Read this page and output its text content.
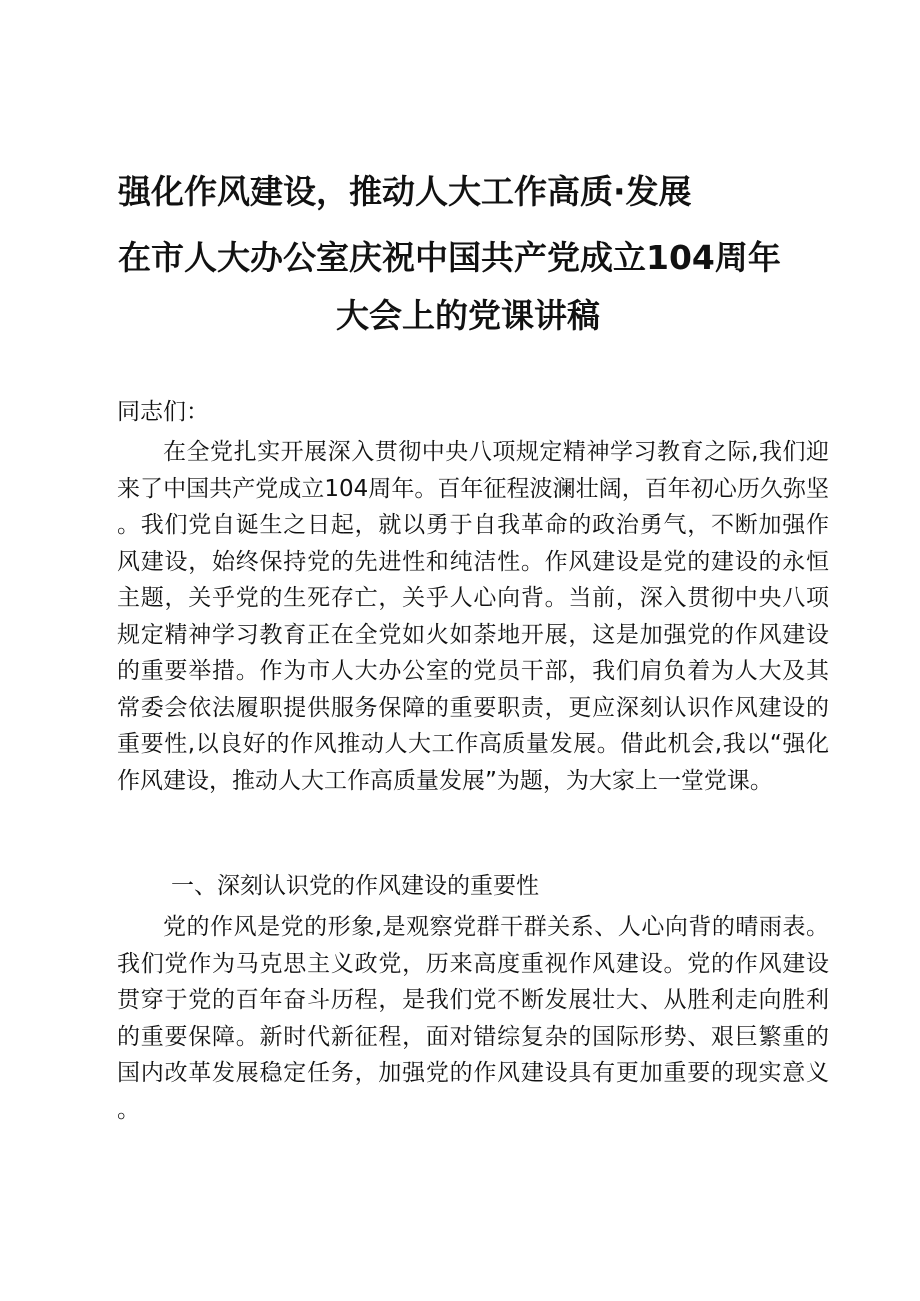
强化作风建设，推动人大工作高质·发展
在市人大办公室庆祝中国共产党成立104周年
大会上的党课讲稿
同志们：

在全党扎实开展深入贯彻中央八项规定精神学习教育之际,我们迎来了中国共产党成立104周年。百年征程波澜壮阔，百年初心历久弥坚。我们党自诞生之日起，就以勇于自我革命的政治勇气，不断加强作风建设，始终保持党的先进性和纯洁性。作风建设是党的建设的永恒主题，关乎党的生死存亡，关乎人心向背。当前，深入贯彻中央八项规定精神学习教育正在全党如火如荼地开展，这是加强党的作风建设的重要举措。作为市人大办公室的党员干部，我们肩负着为人大及其常委会依法履职提供服务保障的重要职责，更应深刻认识作风建设的重要性,以良好的作风推动人大工作高质量发展。借此机会,我以“强化作风建设，推动人大工作高质量发展”为题，为大家上一堂党课。

一、深刻认识党的作风建设的重要性

党的作风是党的形象,是观察党群干群关系、人心向背的晴雨表。我们党作为马克思主义政党，历来高度重视作风建设。党的作风建设贯穿于党的百年奋斗历程，是我们党不断发展壮大、从胜利走向胜利的重要保障。新时代新征程，面对错综复杂的国际形势、艰巨繁重的国内改革发展稳定任务，加强党的作风建设具有更加重要的现实意义。
